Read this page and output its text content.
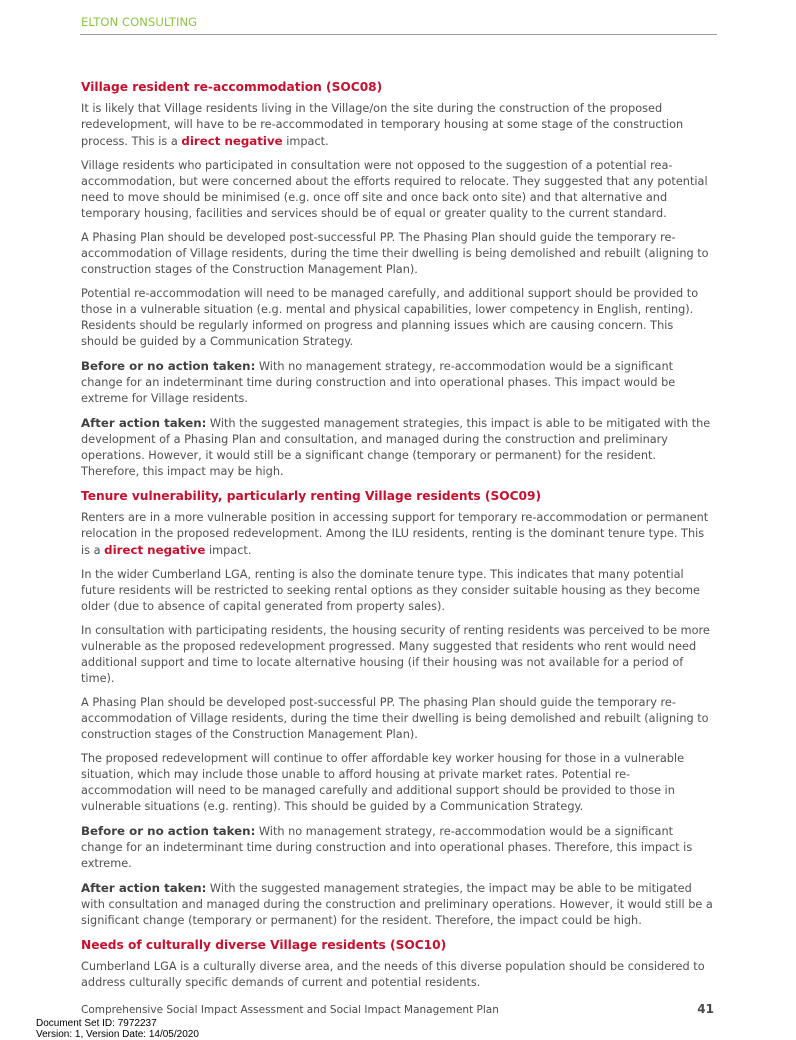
ELTON CONSULTING
Village resident re-accommodation (SOC08)

It is likely that Village residents living in the Village/on the site during the construction of the proposed redevelopment, will have to be re-accommodated in temporary housing at some stage of the construction process. This is a direct negative impact.

Village residents who participated in consultation were not opposed to the suggestion of a potential rea-accommodation, but were concerned about the efforts required to relocate. They suggested that any potential need to move should be minimised (e.g. once off site and once back onto site) and that alternative and temporary housing, facilities and services should be of equal or greater quality to the current standard.

A Phasing Plan should be developed post-successful PP. The Phasing Plan should guide the temporary re-accommodation of Village residents, during the time their dwelling is being demolished and rebuilt (aligning to construction stages of the Construction Management Plan).

Potential re-accommodation will need to be managed carefully, and additional support should be provided to those in a vulnerable situation (e.g. mental and physical capabilities, lower competency in English, renting). Residents should be regularly informed on progress and planning issues which are causing concern. This should be guided by a Communication Strategy.

Before or no action taken: With no management strategy, re-accommodation would be a significant change for an indeterminant time during construction and into operational phases. This impact would be extreme for Village residents.

After action taken: With the suggested management strategies, this impact is able to be mitigated with the development of a Phasing Plan and consultation, and managed during the construction and preliminary operations. However, it would still be a significant change (temporary or permanent) for the resident. Therefore, this impact may be high.

Tenure vulnerability, particularly renting Village residents (SOC09)

Renters are in a more vulnerable position in accessing support for temporary re-accommodation or permanent relocation in the proposed redevelopment. Among the ILU residents, renting is the dominant tenure type. This is a direct negative impact.

In the wider Cumberland LGA, renting is also the dominate tenure type. This indicates that many potential future residents will be restricted to seeking rental options as they consider suitable housing as they become older (due to absence of capital generated from property sales).

In consultation with participating residents, the housing security of renting residents was perceived to be more vulnerable as the proposed redevelopment progressed. Many suggested that residents who rent would need additional support and time to locate alternative housing (if their housing was not available for a period of time).

A Phasing Plan should be developed post-successful PP. The phasing Plan should guide the temporary re-accommodation of Village residents, during the time their dwelling is being demolished and rebuilt (aligning to construction stages of the Construction Management Plan).

The proposed redevelopment will continue to offer affordable key worker housing for those in a vulnerable situation, which may include those unable to afford housing at private market rates. Potential re-accommodation will need to be managed carefully and additional support should be provided to those in vulnerable situations (e.g. renting). This should be guided by a Communication Strategy.

Before or no action taken: With no management strategy, re-accommodation would be a significant change for an indeterminant time during construction and into operational phases. Therefore, this impact is extreme.

After action taken: With the suggested management strategies, the impact may be able to be mitigated with consultation and managed during the construction and preliminary operations. However, it would still be a significant change (temporary or permanent) for the resident. Therefore, the impact could be high.

Needs of culturally diverse Village residents (SOC10)

Cumberland LGA is a culturally diverse area, and the needs of this diverse population should be considered to address culturally specific demands of current and potential residents.

Comprehensive Social Impact Assessment and Social Impact Management Plan	41
Document Set ID: 7972237
Version: 1, Version Date: 14/05/2020
